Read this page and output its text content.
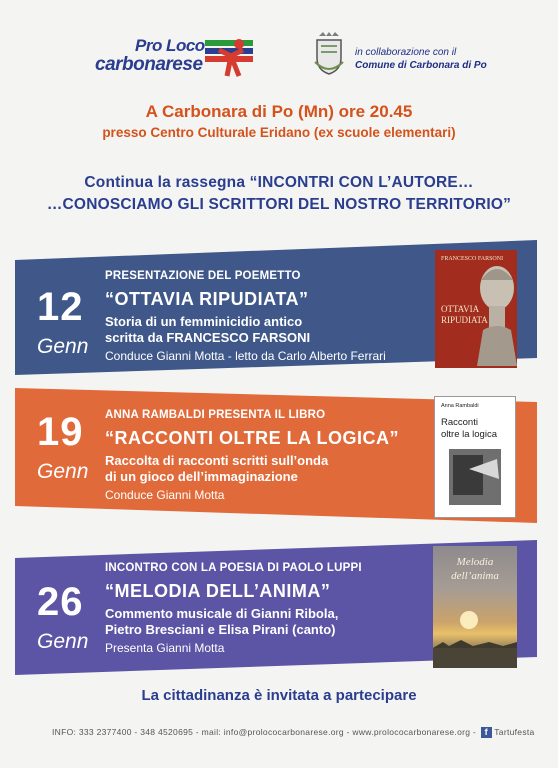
Pro Loco
carbonarese
in collaborazione con il
Comune di Carbonara di Po
A Carbonara di Po (Mn) ore 20.45
presso Centro Culturale Eridano (ex scuole elementari)
Continua la rassegna “INCONTRI CON L’AUTORE…
…CONOSCIAMO GLI SCRITTORI DEL NOSTRO TERRITORIO”
12
Genn
PRESENTAZIONE DEL POEMETTO
“OTTAVIA RIPUDIATA”
Storia di un femminicidio antico
scritta da FRANCESCO FARSONI
Conduce Gianni Motta - letto da Carlo Alberto Ferrari
FRANCESCO FARSONI
OTTAVIA
RIPUDIATA
19
Genn
ANNA RAMBALDI PRESENTA IL LIBRO
“RACCONTI OLTRE LA LOGICA”
Raccolta di racconti scritti sull’onda
di un gioco dell’immaginazione
Conduce Gianni Motta
Anna Rambaldi
Racconti
oltre la logica
26
Genn
INCONTRO CON LA POESIA DI PAOLO LUPPI
“MELODIA DELL’ANIMA”
Commento musicale di Gianni Ribola,
Pietro Bresciani e Elisa Pirani (canto)
Presenta Gianni Motta
Melodia
dell’anima
La cittadinanza è invitata a partecipare
INFO: 333 2377400 - 348 4520695 - mail: info@prolococarbonarese.org - www.prolococarbonarese.org - f Tartufesta
